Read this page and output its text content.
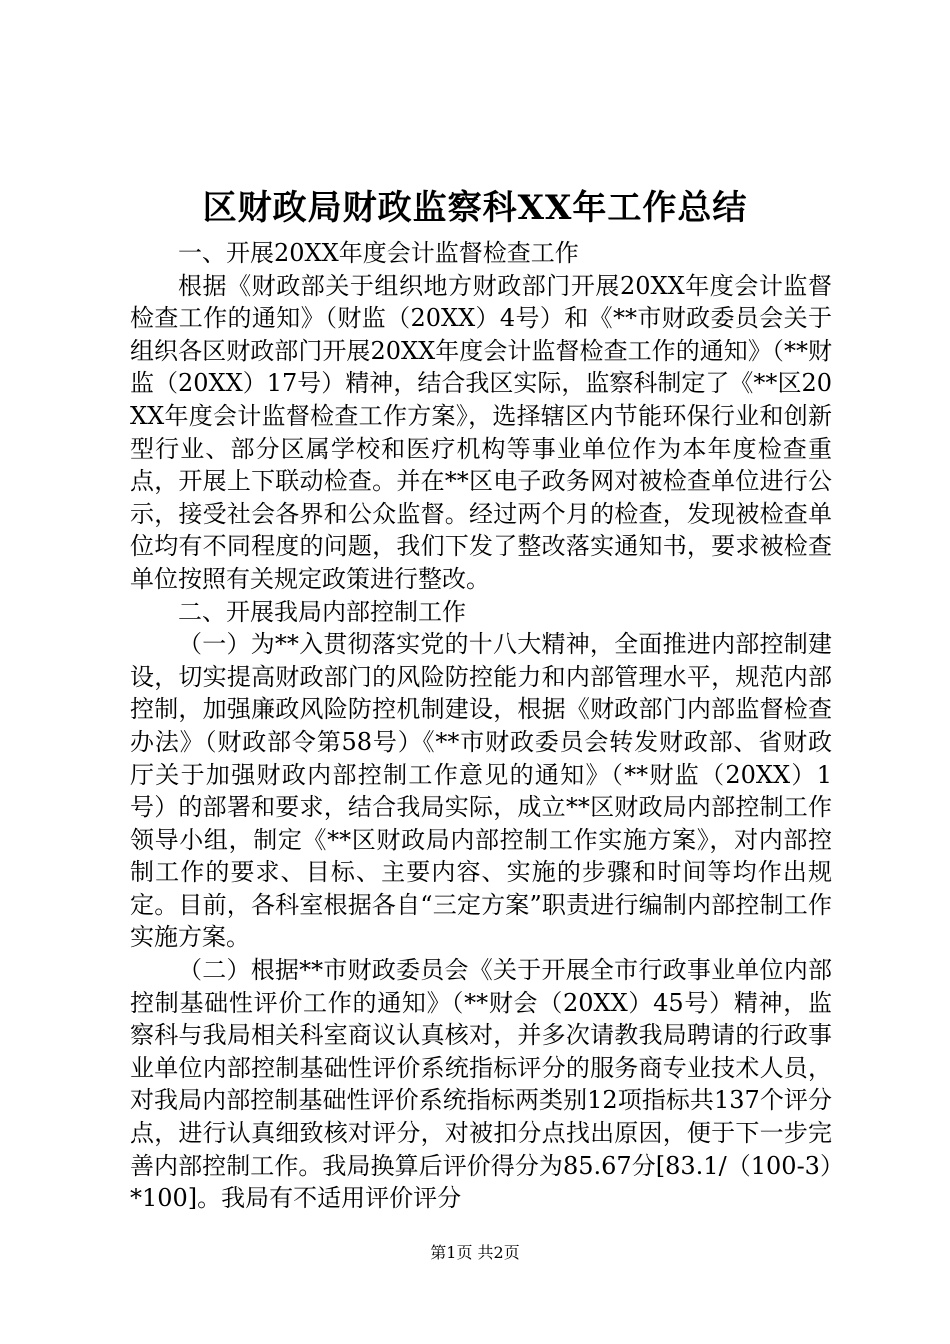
区财政局财政监察科XX年工作总结

一、开展20XX年度会计监督检查工作

根据《财政部关于组织地方财政部门开展20XX年度会计监督检查工作的通知》（财监（20XX）4号）和《**市财政委员会关于组织各区财政部门开展20XX年度会计监督检查工作的通知》（**财监（20XX）17号）精神，结合我区实际，监察科制定了《**区20XX年度会计监督检查工作方案》，选择辖区内节能环保行业和创新型行业、部分区属学校和医疗机构等事业单位作为本年度检查重点，开展上下联动检查。并在**区电子政务网对被检查单位进行公示，接受社会各界和公众监督。经过两个月的检查，发现被检查单位均有不同程度的问题，我们下发了整改落实通知书，要求被检查单位按照有关规定政策进行整改。

二、开展我局内部控制工作

（一）为**入贯彻落实党的十八大精神，全面推进内部控制建设，切实提高财政部门的风险防控能力和内部管理水平，规范内部控制，加强廉政风险防控机制建设，根据《财政部门内部监督检查办法》（财政部令第58号）《**市财政委员会转发财政部、省财政厅关于加强财政内部控制工作意见的通知》（**财监（20XX）1号）的部署和要求，结合我局实际，成立**区财政局内部控制工作领导小组，制定《**区财政局内部控制工作实施方案》，对内部控制工作的要求、目标、主要内容、实施的步骤和时间等均作出规定。目前，各科室根据各自“三定方案”职责进行编制内部控制工作实施方案。

（二）根据**市财政委员会《关于开展全市行政事业单位内部控制基础性评价工作的通知》（**财会（20XX）45号）精神，监察科与我局相关科室商议认真核对，并多次请教我局聘请的行政事业单位内部控制基础性评价系统指标评分的服务商专业技术人员，对我局内部控制基础性评价系统指标两类别12项指标共137个评分点，进行认真细致核对评分，对被扣分点找出原因，便于下一步完善内部控制工作。我局换算后评价得分为85.67分[83.1/（100-3）*100]。我局有不适用评价评分

第1页 共2页
